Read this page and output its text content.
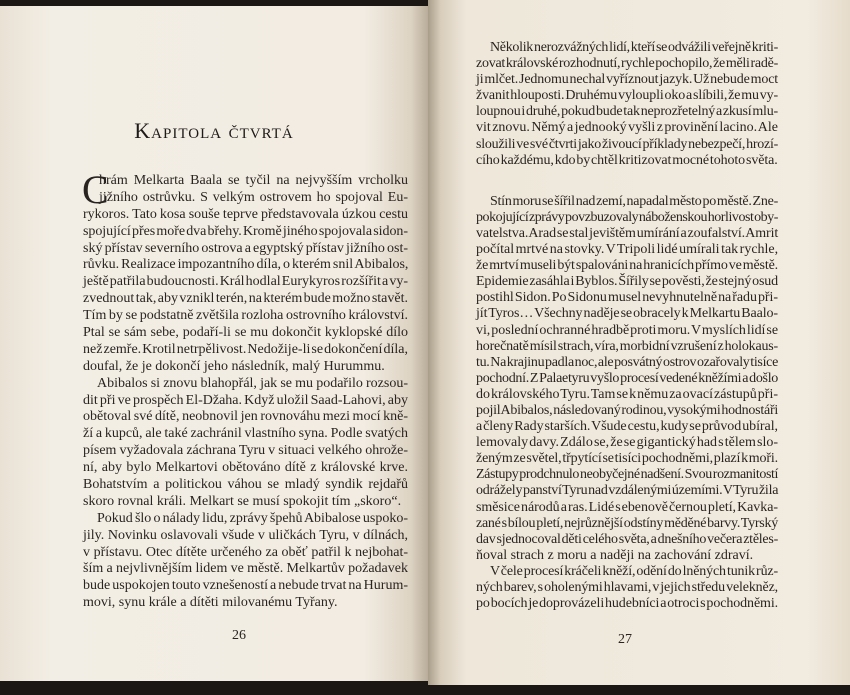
Kapitola čtvrtá
C
hrám Melkarta Baala se tyčil na nejvyšším vrcholku
jižního ostrůvku. S velkým ostrovem ho spojoval Eu-
rykoros. Tato kosa souše teprve představovala úzkou cestu
spojující přes moře dva břehy. Kromě jiného spojovala sidon-
ský přístav severního ostrova a egyptský přístav jižního ost-
růvku. Realizace impozantního díla, o kterém snil Abibalos,
ještě patřila budoucnosti. Král hodlal Eurykyros rozšířit a vy-
zvednout tak, aby vznikl terén, na kterém bude možno stavět.
Tím by se podstatně zvětšila rozloha ostrovního království.
Ptal se sám sebe, podaří-li se mu dokončit kyklopské dílo
než zemře. Krotil netrpělivost. Nedožije-li se dokončení díla,
doufal, že je dokončí jeho následník, malý Hurummu.
Abibalos si znovu blahopřál, jak se mu podařilo rozsou-
dit při ve prospěch El-Džaha. Když uložil Saad-Lahovi, aby
obětoval své dítě, neobnovil jen rovnováhu mezi mocí kně-
ží a kupců, ale také zachránil vlastního syna. Podle svatých
písem vyžadovala záchrana Tyru v situaci velkého ohrože-
ní, aby bylo Melkartovi obětováno dítě z královské krve.
Bohatstvím a politickou váhou se mladý syndik rejdařů
skoro rovnal králi. Melkart se musí spokojit tím „skoro“.
Pokud šlo o nálady lidu, zprávy špehů Abibalose uspoko-
jily. Novinku oslavovali všude v uličkách Tyru, v dílnách,
v přístavu. Otec dítěte určeného za oběť patřil k nejbohat-
ším a nejvlivnějším lidem ve městě. Melkartův požadavek
bude uspokojen touto vznešeností a nebude trvat na Hurum-
movi, synu krále a dítěti milovanému Tyřany.
26
Několik nerozvážných lidí, kteří se odvážili veřejně kriti-
zovat královské rozhodnutí, rychle pochopilo, že měli radě-
ji mlčet. Jednomu nechal vyříznout jazyk. Už nebude moct
žvanit hlouposti. Druhému vyloupli oko a slíbili, že mu vy-
loupnou i druhé, pokud bude tak neprozřetelný a zkusí mlu-
vit znovu. Němý a jednooký vyšli z provinění lacino. Ale
sloužili ve své čtvrti jako živoucí příklady nebezpečí, hrozí-
cího každému, kdo by chtěl kritizovat mocné tohoto světa.
Stín moru se šířil nad zemí, napadal město po městě. Zne-
pokojující zprávy povzbuzovaly náboženskou horlivost oby-
vatelstva. Arad se stal jevištěm umírání a zoufalství. Amrit
počítal mrtvé na stovky. V Tripoli lidé umírali tak rychle,
že mrtví museli být spalováni na hranicích přímo ve městě.
Epidemie zasáhla i Byblos. Šířily se pověsti, že stejný osud
postihl Sidon. Po Sidonu musel nevyhnutelně na řadu při-
jít Tyros… Všechny naděje se obracely k Melkartu Baalo-
vi, poslední ochranné hradbě proti moru. V myslích lidí se
horečnatě mísil strach, víra, morbidní vzrušení z holokaus-
tu. Na krajinu padla noc, ale posvátný ostrov ozařovaly tisíce
pochodní. Z Palaetyru vyšlo procesí vedené kněžími a došlo
do královského Tyru. Tam se k němu za ovací zástupů při-
pojil Abibalos, následovaný rodinou, vysokými hodnostáři
a členy Rady starších. Všude cestu, kudy se průvod ubíral,
lemovaly davy. Zdálo se, že se gigantický had s tělem slo-
ženým ze světel, třpytící se tisíci pochodněmi, plazí k moři.
Zástupy prodchnulo neobyčejné nadšení. Svou rozmanitostí
odrážely panství Tyru nad vzdálenými územími. V Tyru žila
směsice národů a ras. Lidé s ebenově černou pletí, Kavka-
zané s bílou pletí, nejrůznější odstíny měděné barvy. Tyrský
dav sjednocoval děti celého světa, a dnešního večera ztěles-
ňoval strach z moru a naději na zachování zdraví.
V čele procesí kráčeli kněží, odění do lněných tunik růz-
ných barev, s oholenými hlavami, v jejich středu velekněz,
po bocích je doprovázeli hudebníci a otroci s pochodněmi.
27
